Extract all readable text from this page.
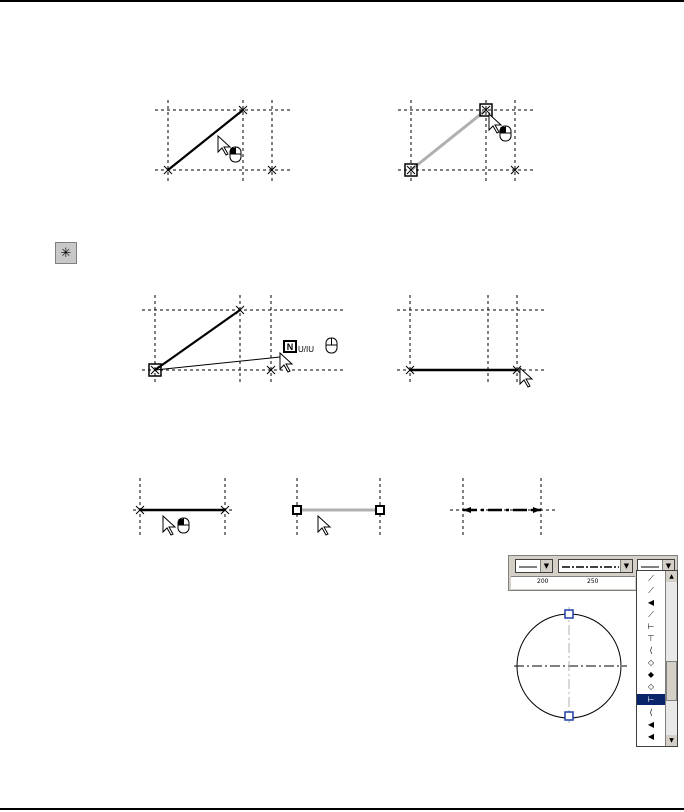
✳
N U/IU
▼	▼	▼
200	250	⟋
⟋
◀
⟋
⊢
⊤
⟨
◇
◆
◇
⊢
⟨
◀
◀
▲
▼
